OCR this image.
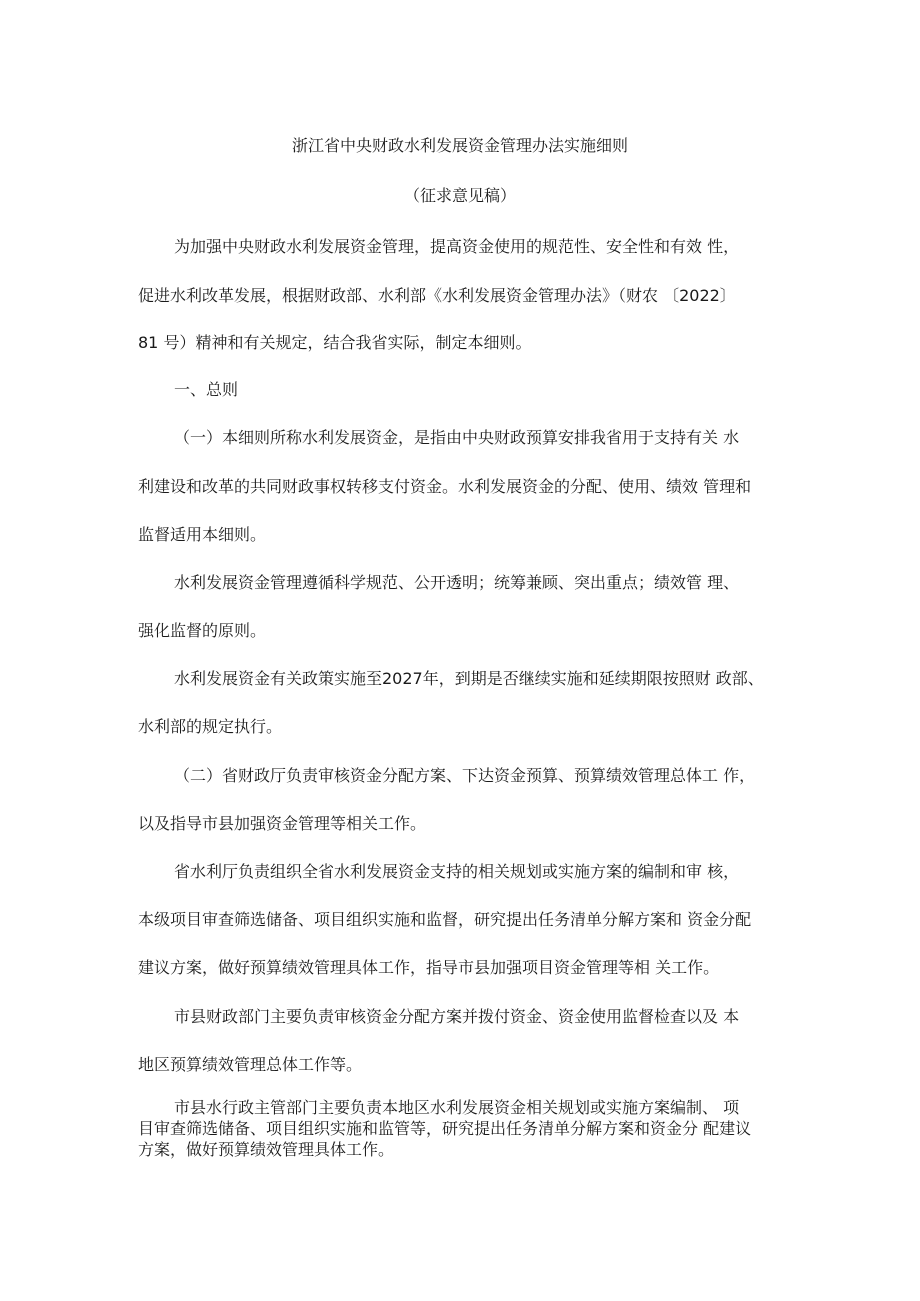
浙江省中央财政水利发展资金管理办法实施细则
（征求意见稿）

为加强中央财政水利发展资金管理，提高资金使用的规范性、安全性和有效 性，

促进水利改革发展，根据财政部、水利部《水利发展资金管理办法》（财农 〔2022〕

81 号）精神和有关规定，结合我省实际，制定本细则。

一、总则

（一）本细则所称水利发展资金，是指由中央财政预算安排我省用于支持有关 水

利建设和改革的共同财政事权转移支付资金。水利发展资金的分配、使用、绩效 管理和

监督适用本细则。

水利发展资金管理遵循科学规范、公开透明；统筹兼顾、突出重点；绩效管 理、

强化监督的原则。

水利发展资金有关政策实施至2027年，到期是否继续实施和延续期限按照财 政部、

水利部的规定执行。

（二）省财政厅负责审核资金分配方案、下达资金预算、预算绩效管理总体工 作，

以及指导市县加强资金管理等相关工作。

省水利厅负责组织全省水利发展资金支持的相关规划或实施方案的编制和审 核，

本级项目审查筛选储备、项目组织实施和监督，研究提出任务清单分解方案和 资金分配

建议方案，做好预算绩效管理具体工作，指导市县加强项目资金管理等相 关工作。

市县财政部门主要负责审核资金分配方案并拨付资金、资金使用监督检查以及 本

地区预算绩效管理总体工作等。

市县水行政主管部门主要负责本地区水利发展资金相关规划或实施方案编制、 项

目审查筛选储备、项目组织实施和监管等，研究提出任务清单分解方案和资金分 配建议

方案，做好预算绩效管理具体工作。
